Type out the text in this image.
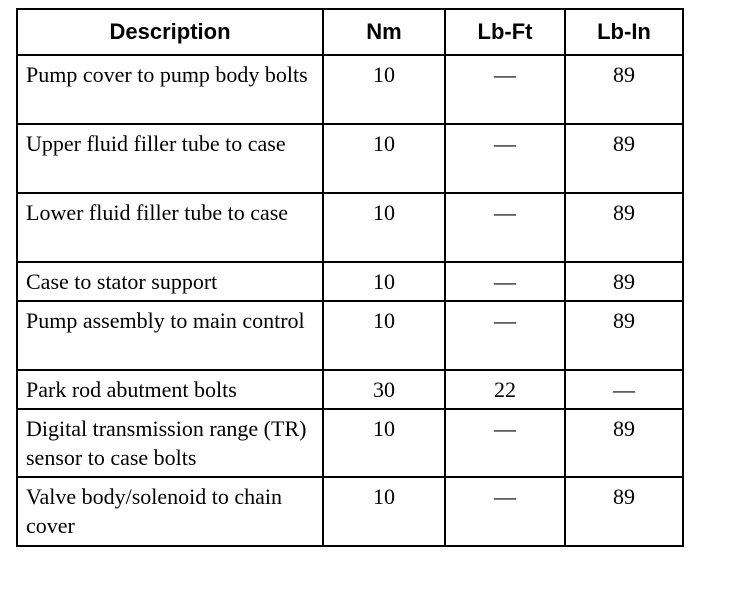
Description	Nm	Lb-Ft	Lb-In
Pump cover to pump body bolts	10	—	89
Upper fluid filler tube to case	10	—	89
Lower fluid filler tube to case	10	—	89
Case to stator support	10	—	89
Pump assembly to main control	10	—	89
Park rod abutment bolts	30	22	—
Digital transmission range (TR) sensor to case bolts	10	—	89
Valve body/solenoid to chain cover	10	—	89
